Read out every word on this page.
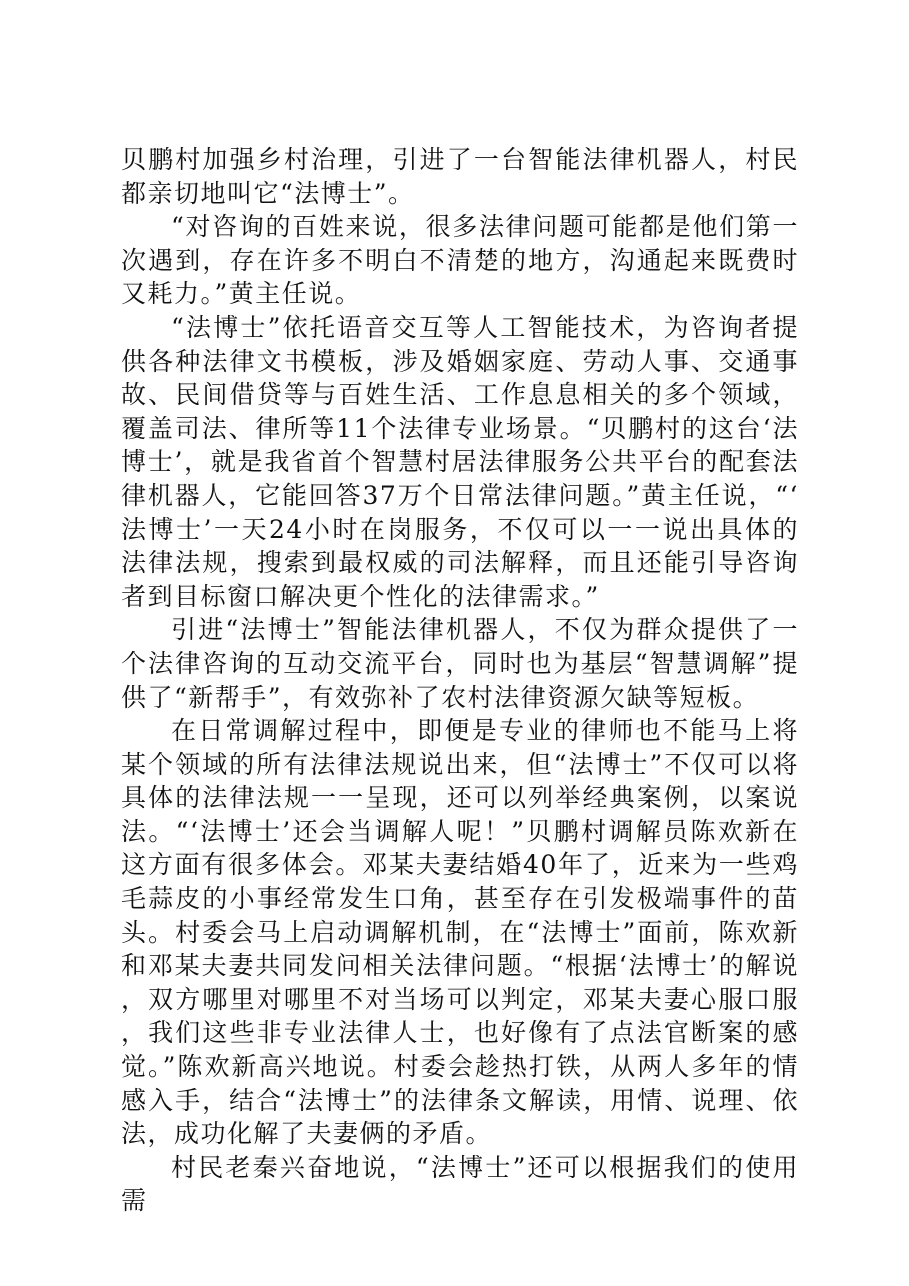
贝鹏村加强乡村治理，引进了一台智能法律机器人，村民都亲切地叫它“法博士”。

“对咨询的百姓来说，很多法律问题可能都是他们第一次遇到，存在许多不明白不清楚的地方，沟通起来既费时又耗力。”黄主任说。

“法博士”依托语音交互等人工智能技术，为咨询者提供各种法律文书模板，涉及婚姻家庭、劳动人事、交通事故、民间借贷等与百姓生活、工作息息相关的多个领域，覆盖司法、律所等11个法律专业场景。“贝鹏村的这台‘法博士’，就是我省首个智慧村居法律服务公共平台的配套法律机器人，它能回答37万个日常法律问题。”黄主任说，“‘法博士’一天24小时在岗服务，不仅可以一一说出具体的法律法规，搜索到最权威的司法解释，而且还能引导咨询者到目标窗口解决更个性化的法律需求。”

引进“法博士”智能法律机器人，不仅为群众提供了一个法律咨询的互动交流平台，同时也为基层“智慧调解”提供了“新帮手”，有效弥补了农村法律资源欠缺等短板。

在日常调解过程中，即便是专业的律师也不能马上将某个领域的所有法律法规说出来，但“法博士”不仅可以将具体的法律法规一一呈现，还可以列举经典案例，以案说法。“‘法博士’还会当调解人呢！”贝鹏村调解员陈欢新在这方面有很多体会。邓某夫妻结婚40年了，近来为一些鸡毛蒜皮的小事经常发生口角，甚至存在引发极端事件的苗头。村委会马上启动调解机制，在“法博士”面前，陈欢新和邓某夫妻共同发问相关法律问题。“根据‘法博士’的解说，双方哪里对哪里不对当场可以判定，邓某夫妻心服口服，我们这些非专业法律人士，也好像有了点法官断案的感觉。”陈欢新高兴地说。村委会趁热打铁，从两人多年的情感入手，结合“法博士”的法律条文解读，用情、说理、依法，成功化解了夫妻俩的矛盾。

村民老秦兴奋地说，“法博士”还可以根据我们的使用需
